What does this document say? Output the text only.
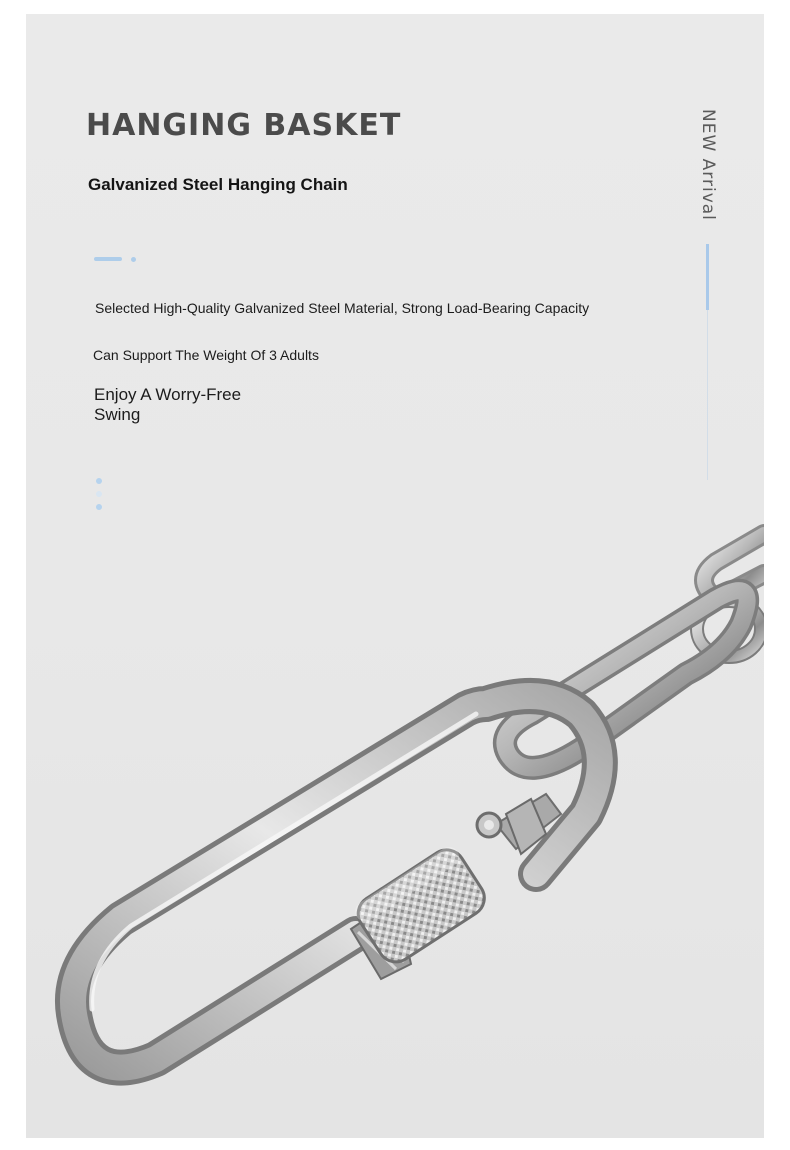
HANGING BASKET
Galvanized Steel Hanging Chain

Selected High-Quality Galvanized Steel Material, Strong Load-Bearing Capacity

Can Support The Weight Of 3 Adults

Enjoy A Worry-Free Swing

NEW Arrival
